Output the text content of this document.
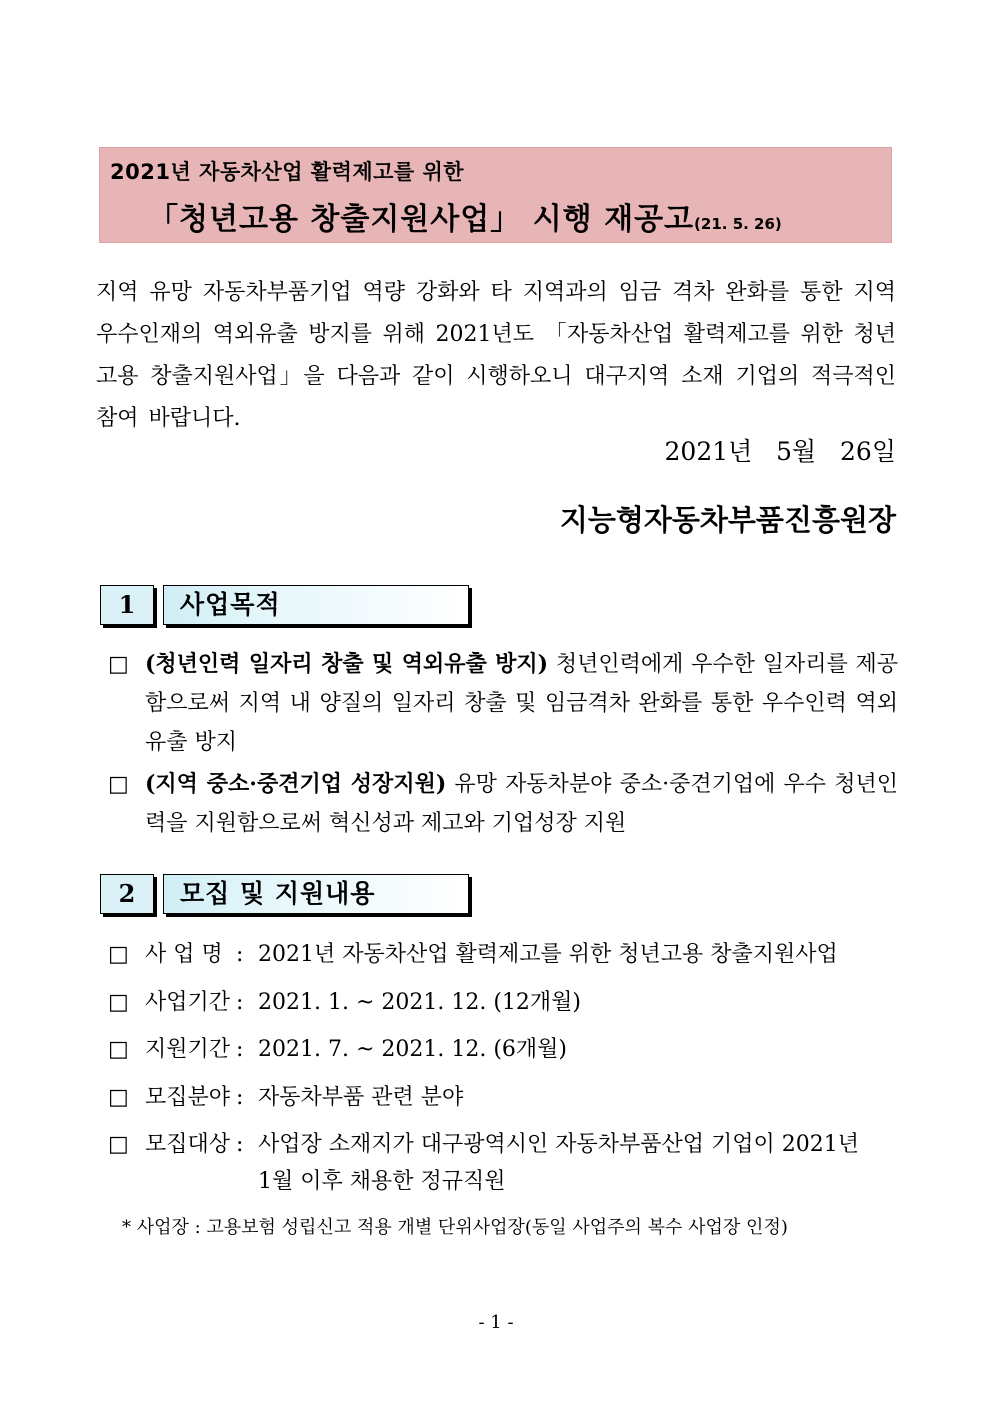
2021년 자동차산업 활력제고를 위한
「청년고용 창출지원사업」 시행 재공고(21. 5. 26)

지역 유망 자동차부품기업 역량 강화와 타 지역과의 임금 격차 완화를 통한 지역 우수인재의 역외유출 방지를 위해 2021년도 「자동차산업 활력제고를 위한 청년고용 창출지원사업」을 다음과 같이 시행하오니 대구지역 소재 기업의 적극적인 참여 바랍니다.

2021년   5월   26일
지능형자동차부품진흥원장
1	사업목적
□ (청년인력 일자리 창출 및 역외유출 방지) 청년인력에게 우수한 일자리를 제공함으로써 지역 내 양질의 일자리 창출 및 임금격차 완화를 통한 우수인력 역외유출 방지
□ (지역 중소·중견기업 성장지원) 유망 자동차분야 중소·중견기업에 우수 청년인력을 지원함으로써 혁신성과 제고와 기업성장 지원
2	모집 및 지원내용
□ 사 업 명 : 2021년 자동차산업 활력제고를 위한 청년고용 창출지원사업
□ 사업기간 : 2021. 1. ~ 2021. 12. (12개월)
□ 지원기간 : 2021. 7. ~ 2021. 12. (6개월)
□ 모집분야 : 자동차부품 관련 분야
□ 모집대상 : 사업장 소재지가 대구광역시인 자동차부품산업 기업이 2021년
1월 이후 채용한 정규직원
* 사업장 : 고용보험 성립신고 적용 개별 단위사업장(동일 사업주의 복수 사업장 인정)
- 1 -
